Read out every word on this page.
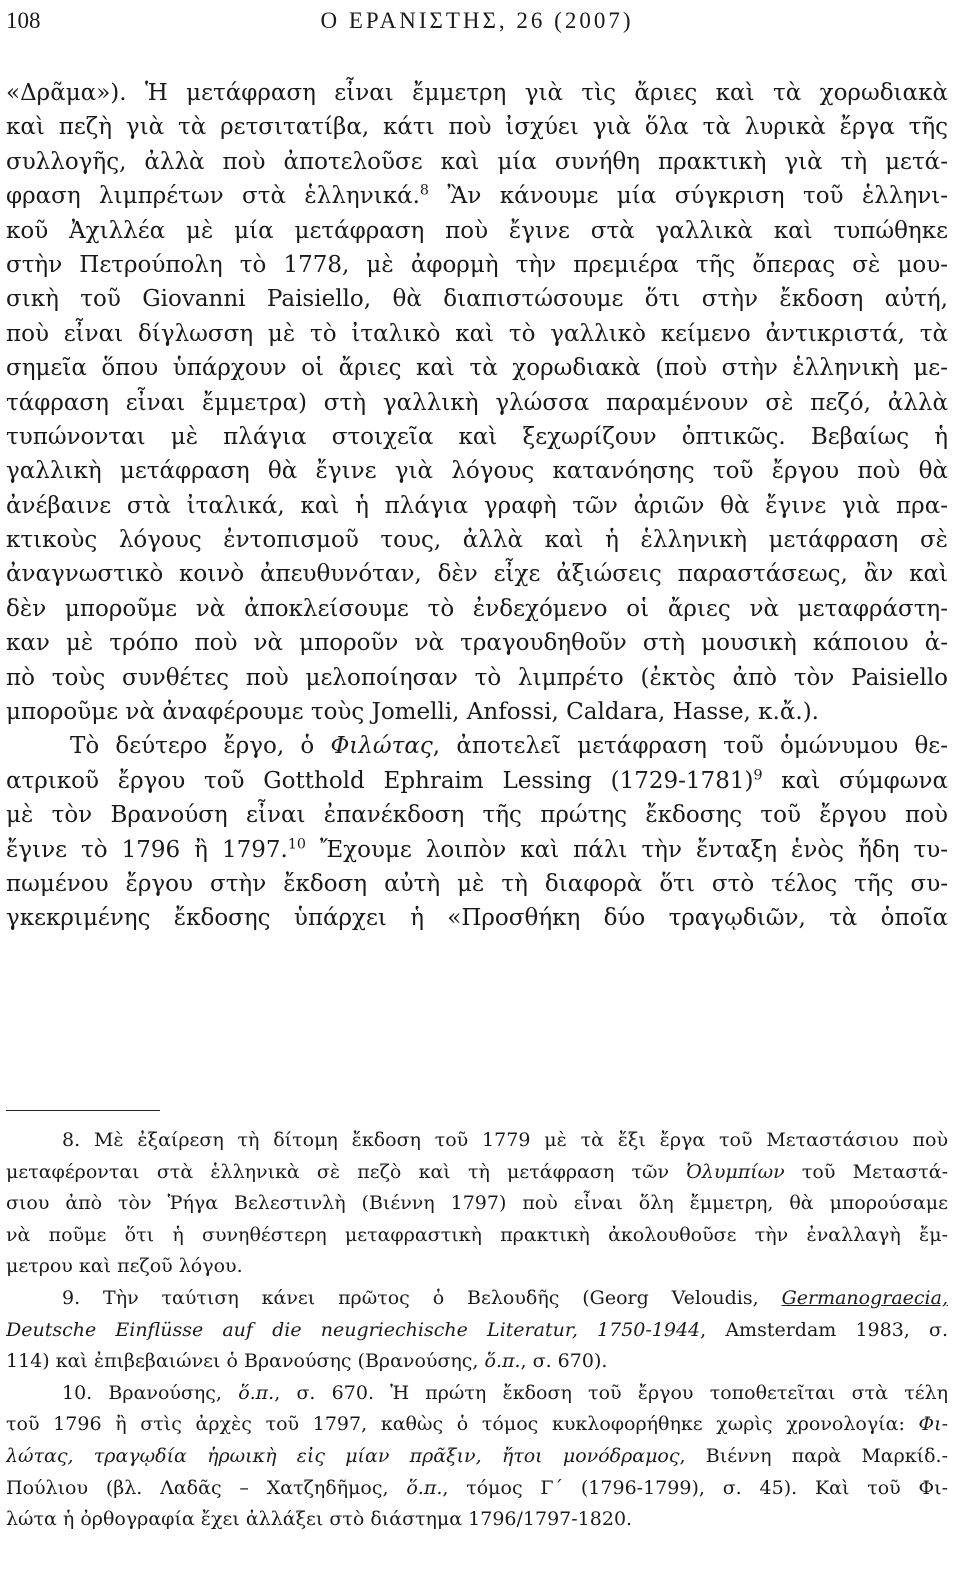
108	Ο ΕΡΑΝΙΣΤΗΣ, 26 (2007)
«Δρᾶμα»). Ἡ μετάφραση εἶναι ἔμμετρη γιὰ τὶς ἄριες καὶ τὰ χορωδιακὰ
καὶ πεζὴ γιὰ τὰ ρετσιτατίβα, κάτι ποὺ ἰσχύει γιὰ ὅλα τὰ λυρικὰ ἔργα τῆς
συλλογῆς, ἀλλὰ ποὺ ἀποτελοῦσε καὶ μία συνήθη πρακτικὴ γιὰ τὴ μετά-
φραση λιμπρέτων στὰ ἑλληνικά.$^8$ Ἂν κάνουμε μία σύγκριση τοῦ ἑλληνι-
κοῦ Ἀχιλλέα μὲ μία μετάφραση ποὺ ἔγινε στὰ γαλλικὰ καὶ τυπώθηκε
στὴν Πετρούπολη τὸ 1778, μὲ ἀφορμὴ τὴν πρεμιέρα τῆς ὄπερας σὲ μου-
σικὴ τοῦ Giovanni Paisiello, θὰ διαπιστώσουμε ὅτι στὴν ἔκδοση αὐτή,
ποὺ εἶναι δίγλωσση μὲ τὸ ἰταλικὸ καὶ τὸ γαλλικὸ κείμενο ἀντικριστά, τὰ
σημεῖα ὅπου ὑπάρχουν οἱ ἄριες καὶ τὰ χορωδιακὰ (ποὺ στὴν ἑλληνικὴ με-
τάφραση εἶναι ἔμμετρα) στὴ γαλλικὴ γλώσσα παραμένουν σὲ πεζό, ἀλλὰ
τυπώνονται μὲ πλάγια στοιχεῖα καὶ ξεχωρίζουν ὀπτικῶς. Βεβαίως ἡ
γαλλικὴ μετάφραση θὰ ἔγινε γιὰ λόγους κατανόησης τοῦ ἔργου ποὺ θὰ
ἀνέβαινε στὰ ἰταλικά, καὶ ἡ πλάγια γραφὴ τῶν ἀριῶν θὰ ἔγινε γιὰ πρα-
κτικοὺς λόγους ἐντοπισμοῦ τους, ἀλλὰ καὶ ἡ ἑλληνικὴ μετάφραση σὲ
ἀναγνωστικὸ κοινὸ ἀπευθυνόταν, δὲν εἶχε ἀξιώσεις παραστάσεως, ἂν καὶ
δὲν μποροῦμε νὰ ἀποκλείσουμε τὸ ἐνδεχόμενο οἱ ἄριες νὰ μεταφράστη-
καν μὲ τρόπο ποὺ νὰ μποροῦν νὰ τραγουδηθοῦν στὴ μουσικὴ κάποιου ἀ-
πὸ τοὺς συνθέτες ποὺ μελοποίησαν τὸ λιμπρέτο (ἐκτὸς ἀπὸ τὸν Paisiello
μποροῦμε νὰ ἀναφέρουμε τοὺς Jomelli, Anfossi, Caldara, Hasse, κ.ἄ.).
Τὸ δεύτερο ἔργο, ὁ Φιλώτας, ἀποτελεῖ μετάφραση τοῦ ὁμώνυμου θε-
ατρικοῦ ἔργου τοῦ Gotthold Ephraim Lessing (1729-1781)$^9$ καὶ σύμφωνα
μὲ τὸν Βρανούση εἶναι ἐπανέκδοση τῆς πρώτης ἔκδοσης τοῦ ἔργου ποὺ
ἔγινε τὸ 1796 ἢ 1797.10 Ἔχουμε λοιπὸν καὶ πάλι τὴν ἔνταξη ἑνὸς ἤδη τυ-
πωμένου ἔργου στὴν ἔκδοση αὐτὴ μὲ τὴ διαφορὰ ὅτι στὸ τέλος τῆς συ-
γκεκριμένης ἔκδοσης ὑπάρχει ἡ «Προσθήκη δύο τραγῳδιῶν, τὰ ὁποῖα
8. Μὲ ἐξαίρεση τὴ δίτομη ἔκδοση τοῦ 1779 μὲ τὰ ἔξι ἔργα τοῦ Μεταστάσιου ποὺ
μεταφέρονται στὰ ἑλληνικὰ σὲ πεζὸ καὶ τὴ μετάφραση τῶν Ὀλυμπίων τοῦ Μεταστά-
σιου ἀπὸ τὸν Ῥήγα Βελεστινλὴ (Βιέννη 1797) ποὺ εἶναι ὅλη ἔμμετρη, θὰ μπορούσαμε
νὰ ποῦμε ὅτι ἡ συνηθέστερη μεταφραστικὴ πρακτικὴ ἀκολουθοῦσε τὴν ἐναλλαγὴ ἔμ-
μετρου καὶ πεζοῦ λόγου.
9. Τὴν ταύτιση κάνει πρῶτος ὁ Βελουδῆς (Georg Veloudis, Germanograecia,
Deutsche Einflüsse auf die neugriechische Literatur, 1750-1944, Amsterdam 1983, σ.
114) καὶ ἐπιβεβαιώνει ὁ Βρανούσης (Βρανούσης, ὅ.π., σ. 670).
10. Βρανούσης, ὅ.π., σ. 670. Ἡ πρώτη ἔκδοση τοῦ ἔργου τοποθετεῖται στὰ τέλη
τοῦ 1796 ἢ στὶς ἀρχὲς τοῦ 1797, καθὼς ὁ τόμος κυκλοφορήθηκε χωρὶς χρονολογία: Φι-
λώτας, τραγῳδία ἡρωικὴ εἰς μίαν πρᾶξιν, ἤτοι μονόδραμος, Βιέννη παρὰ Μαρκίδ.-
Πούλιου (βλ. Λαδᾶς – Χατζηδῆμος, ὅ.π., τόμος Γ΄ (1796-1799), σ. 45). Καὶ τοῦ Φι-
λώτα ἡ ὀρθογραφία ἔχει ἀλλάξει στὸ διάστημα 1796/1797-1820.
